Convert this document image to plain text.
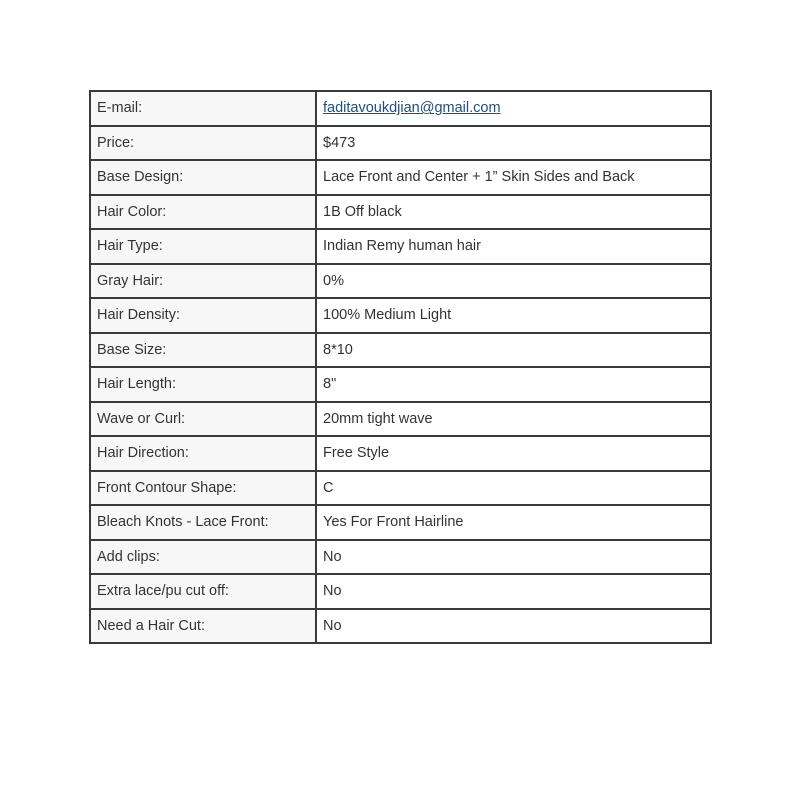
E-mail:	faditavoukdjian@gmail.com
Price:	$473
Base Design:	Lace Front and Center + 1” Skin Sides and Back
Hair Color:	1B Off black
Hair Type:	Indian Remy human hair
Gray Hair:	0%
Hair Density:	100% Medium Light
Base Size:	8*10
Hair Length:	8"
Wave or Curl:	20mm tight wave
Hair Direction:	Free Style
Front Contour Shape:	C
Bleach Knots - Lace Front:	Yes For Front Hairline
Add clips:	No
Extra lace/pu cut off:	No
Need a Hair Cut:	No
